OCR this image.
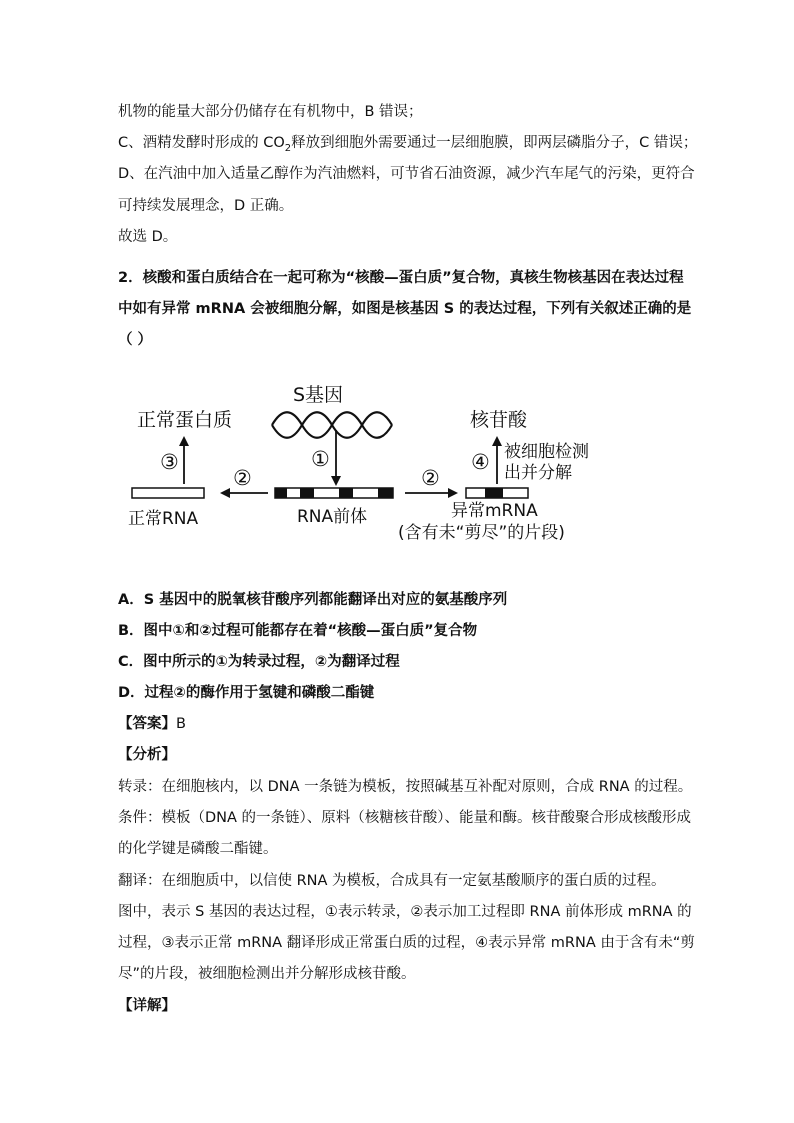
机物的能量大部分仍储存在有机物中，B 错误；
C、酒精发酵时形成的 $CO_2$释放到细胞外需要通过一层细胞膜，即两层磷脂分子，C 错误；
D、在汽油中加入适量乙醇作为汽油燃料，可节省石油资源，减少汽车尾气的污染，更符合
可持续发展理念，D 正确。
故选 D。
2．核酸和蛋白质结合在一起可称为“核酸—蛋白质”复合物，真核生物核基因在表达过程
中如有异常 mRNA 会被细胞分解，如图是核基因 S 的表达过程，下列有关叙述正确的是
（ ）
S基因
①
RNA前体
②
正常RNA
③
正常蛋白质
②
异常mRNA
(含有未“剪尽”的片段)
④
核苷酸
被细胞检测
出并分解
A．S 基因中的脱氧核苷酸序列都能翻译出对应的氨基酸序列
B．图中①和②过程可能都存在着“核酸—蛋白质”复合物
C．图中所示的①为转录过程，②为翻译过程
D．过程②的酶作用于氢键和磷酸二酯键
【答案】B
【分析】
转录：在细胞核内，以 DNA 一条链为模板，按照碱基互补配对原则，合成 RNA 的过程。
条件：模板（DNA 的一条链）、原料（核糖核苷酸）、能量和酶。核苷酸聚合形成核酸形成
的化学键是磷酸二酯键。
翻译：在细胞质中，以信使 RNA 为模板，合成具有一定氨基酸顺序的蛋白质的过程。
图中，表示 S 基因的表达过程，①表示转录，②表示加工过程即 RNA 前体形成 mRNA 的
过程，③表示正常 mRNA 翻译形成正常蛋白质的过程，④表示异常 mRNA 由于含有未“剪
尽”的片段，被细胞检测出并分解形成核苷酸。
【详解】
